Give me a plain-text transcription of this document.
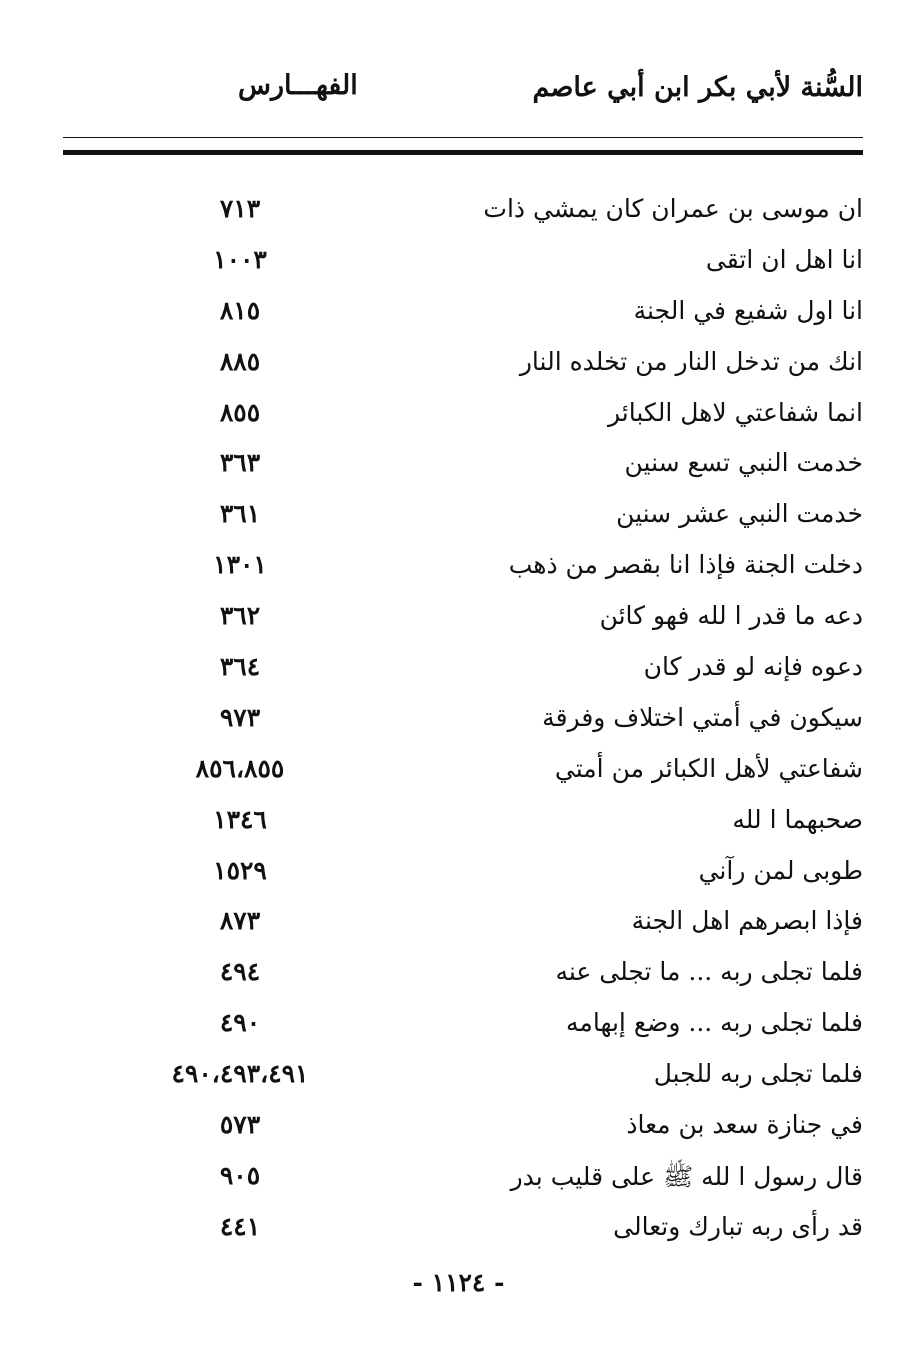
السُّنة لأبي بكر ابن أبي عاصم
الفهـــارس
ان موسى بن عمران كان يمشي ذات
٧١٣
انا اهل ان اتقى
١٠٠٣
انا اول شفيع في الجنة
٨١٥
انك من تدخل النار من تخلده النار
٨٨٥
انما شفاعتي لاهل الكبائر
٨٥٥
خدمت النبي تسع سنين
٣٦٣
خدمت النبي عشر سنين
٣٦١
دخلت الجنة فإذا انا بقصر من ذهب
١٣٠١
دعه ما قدر ا لله فهو كائن
٣٦٢
دعوه فإنه لو قدر كان
٣٦٤
سيكون في أمتي اختلاف وفرقة
٩٧٣
شفاعتي لأهل الكبائر من أمتي
٨٥٦،٨٥٥
صحبهما ا لله
١٣٤٦
طوبى لمن رآني
١٥٢٩
فإذا ابصرهم اهل الجنة
٨٧٣
فلما تجلى ربه ... ما تجلى عنه
٤٩٤
فلما تجلى ربه ... وضع إبهامه
٤٩٠
فلما تجلى ربه للجبل
٤٩٠،٤٩٣،٤٩١
في جنازة سعد بن معاذ
٥٧٣
قال رسول ا لله ﷺ على قليب بدر
٩٠٥
قد رأى ربه تبارك وتعالى
٤٤١
- ١١٢٤ -
